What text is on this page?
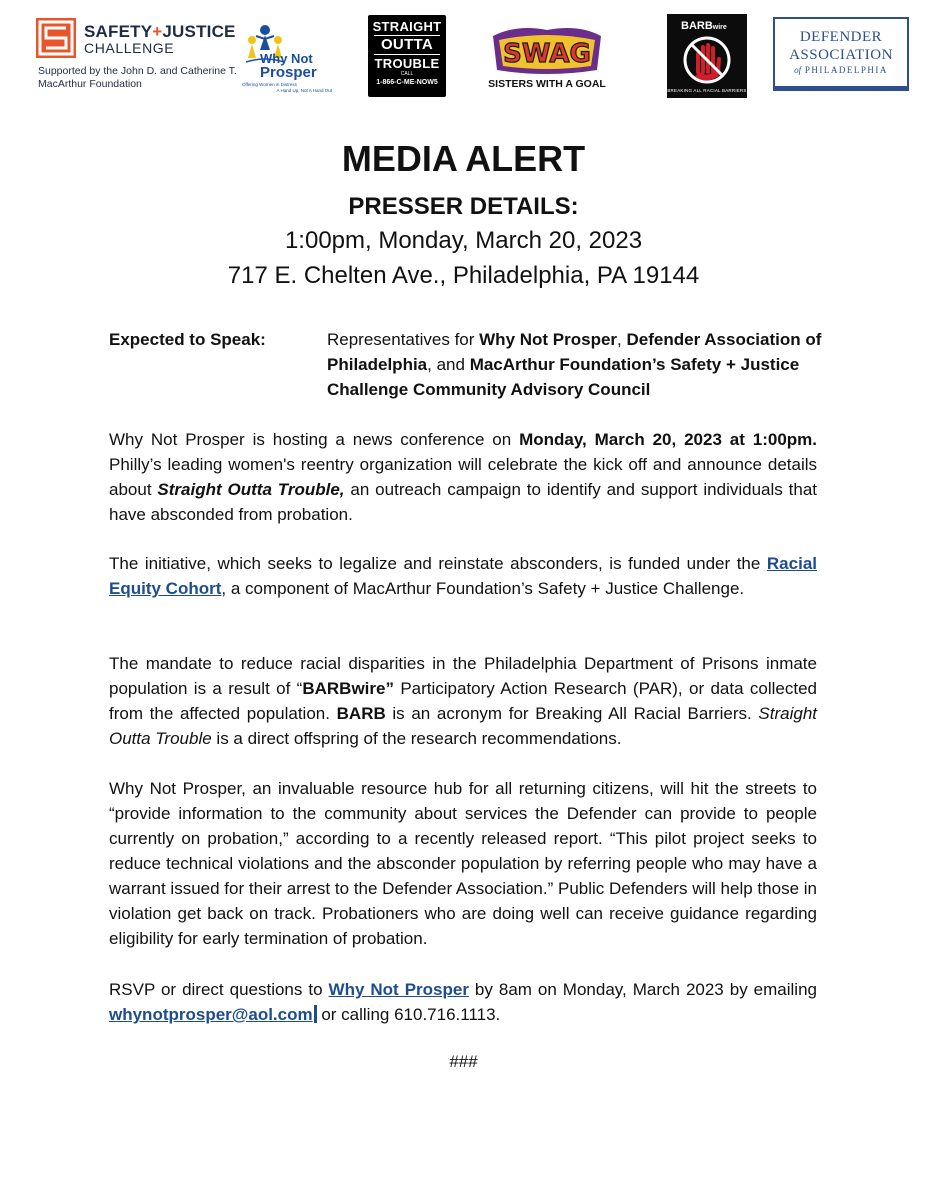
SAFETY+JUSTICE
CHALLENGE
Supported by the John D. and Catherine T.
MacArthur Foundation
Why Not
Prosper
Offering Women in Distress
A Hand Up, Not A Hand Out
STRAIGHT
OUTTA
TROUBLE
CALL
1-866-C-ME-NOW5
SWAG
SISTERS WITH A GOAL
BARBwire
BREAKING ALL RACIAL BARRIERS
DEFENDER
ASSOCIATION
of PHILADELPHIA
MEDIA ALERT
PRESSER DETAILS:
1:00pm, Monday, March 20, 2023
717 E. Chelten Ave., Philadelphia, PA 19144
Expected to Speak:	Representatives for Why Not Prosper, Defender Association of Philadelphia, and MacArthur Foundation’s Safety + Justice Challenge Community Advisory Council

Why Not Prosper is hosting a news conference on Monday, March 20, 2023 at 1:00pm. Philly’s leading women's reentry organization will celebrate the kick off and announce details about Straight Outta Trouble, an outreach campaign to identify and support individuals that have absconded from probation.

The initiative, which seeks to legalize and reinstate absconders, is funded under the Racial Equity Cohort, a component of MacArthur Foundation’s Safety + Justice Challenge.

The mandate to reduce racial disparities in the Philadelphia Department of Prisons inmate population is a result of “BARBwire” Participatory Action Research (PAR), or data collected from the affected population. BARB is an acronym for Breaking All Racial Barriers. Straight Outta Trouble is a direct offspring of the research recommendations.

Why Not Prosper, an invaluable resource hub for all returning citizens, will hit the streets to “provide information to the community about services the Defender can provide to people currently on probation,” according to a recently released report. “This pilot project seeks to reduce technical violations and the absconder population by referring people who may have a warrant issued for their arrest to the Defender Association.” Public Defenders will help those in violation get back on track. Probationers who are doing well can receive guidance regarding eligibility for early termination of probation.

RSVP or direct questions to Why Not Prosper by 8am on Monday, March 2023 by emailing whynotprosper@aol.com or calling 610.716.1113.

###
